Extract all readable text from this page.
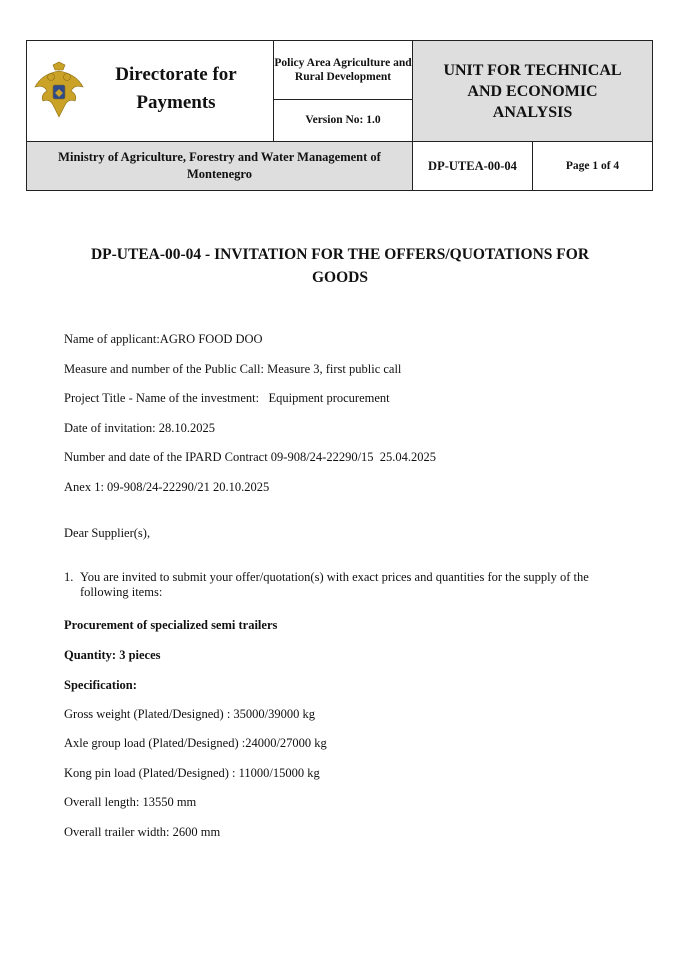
Directorate for Payments	Policy Area Agriculture and Rural Development	UNIT FOR TECHNICAL AND ECONOMIC ANALYSIS	

	Version No: 1.0		
Ministry of Agriculture, Forestry and Water Management of Montenegro		DP-UTEA-00-04	Page 1 of 4
DP-UTEA-00-04 - INVITATION FOR THE OFFERS/QUOTATIONS FOR GOODS
Name of applicant:AGRO FOOD DOO
Measure and number of the Public Call: Measure 3, first public call
Project Title - Name of the investment:   Equipment procurement
Date of invitation: 28.10.2025
Number and date of the IPARD Contract 09-908/24-22290/15  25.04.2025
Anex 1: 09-908/24-22290/21 20.10.2025
Dear Supplier(s),
1. You are invited to submit your offer/quotation(s) with exact prices and quantities for the supply of the following items:
Procurement of specialized semi trailers
Quantity: 3 pieces
Specification:
Gross weight (Plated/Designed) : 35000/39000 kg
Axle group load (Plated/Designed) :24000/27000 kg
Kong pin load (Plated/Designed) : 11000/15000 kg
Overall length: 13550 mm
Overall trailer width: 2600 mm
